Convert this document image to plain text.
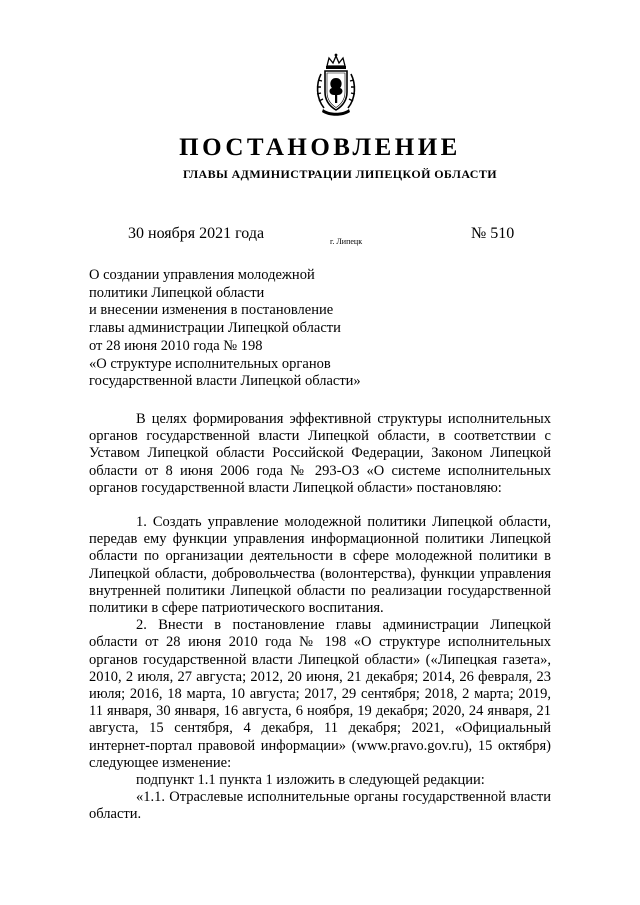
ПОСТАНОВЛЕНИЕ
ГЛАВЫ АДМИНИСТРАЦИИ ЛИПЕЦКОЙ ОБЛАСТИ
30 ноября 2021 года	г. Липецк	№ 510
О создании управления молодежной
политики Липецкой области
и внесении изменения в постановление
главы администрации Липецкой области
от 28 июня 2010 года № 198
«О структуре исполнительных органов
государственной власти Липецкой области»

В целях формирования эффективной структуры исполнительных органов государственной власти Липецкой области, в соответствии с Уставом Липецкой области Российской Федерации, Законом Липецкой области от 8 июня 2006 года № 293-ОЗ «О системе исполнительных органов государственной власти Липецкой области» постановляю:

1. Создать управление молодежной политики Липецкой области, передав ему функции управления информационной политики Липецкой области по организации деятельности в сфере молодежной политики в Липецкой области, добровольчества (волонтерства), функции управления внутренней политики Липецкой области по реализации государственной политики в сфере патриотического воспитания.

2. Внести в постановление главы администрации Липецкой области от 28 июня 2010 года № 198 «О структуре исполнительных органов государственной власти Липецкой области» («Липецкая газета», 2010, 2 июля, 27 августа; 2012, 20 июня, 21 декабря; 2014, 26 февраля, 23 июля; 2016, 18 марта, 10 августа; 2017, 29 сентября; 2018, 2 марта; 2019, 11 января, 30 января, 16 августа, 6 ноября, 19 декабря; 2020, 24 января, 21 августа, 15 сентября, 4 декабря, 11 декабря; 2021, «Официальный интернет-портал правовой информации» (www.pravo.gov.ru), 15 октября) следующее изменение:

подпункт 1.1 пункта 1 изложить в следующей редакции:

«1.1. Отраслевые исполнительные органы государственной власти области.
